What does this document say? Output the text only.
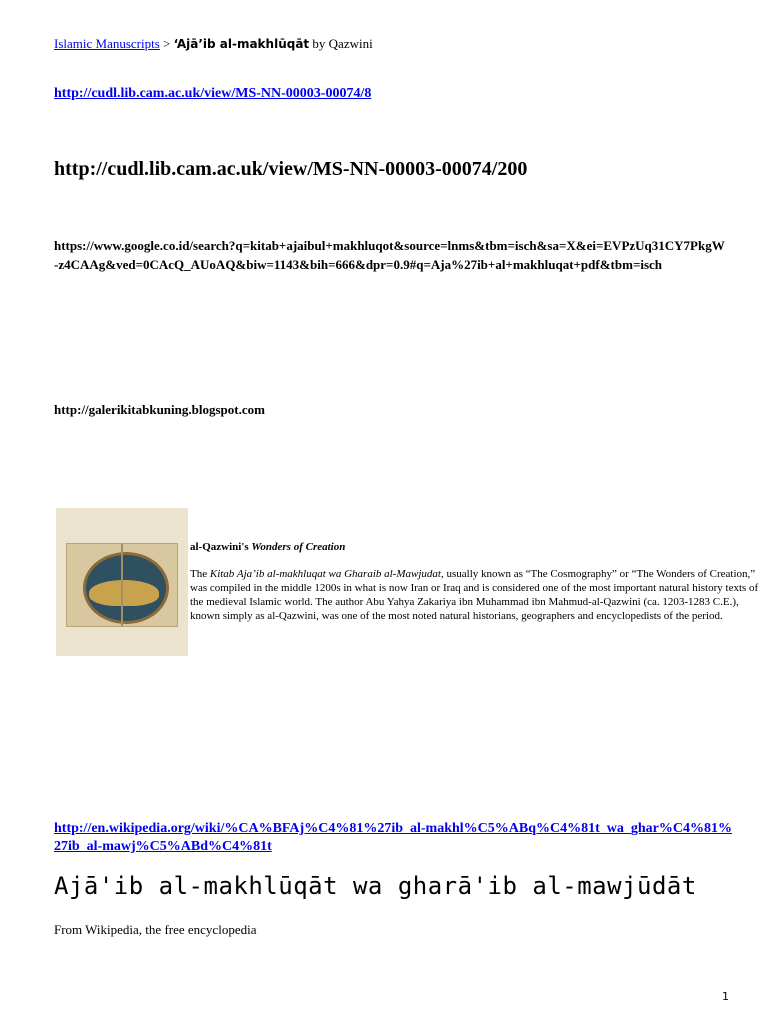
Islamic Manuscripts > ‘Ajā’ib al-makhlūqāt by Qazwini
http://cudl.lib.cam.ac.uk/view/MS-NN-00003-00074/8
http://cudl.lib.cam.ac.uk/view/MS-NN-00003-00074/200
https://www.google.co.id/search?q=kitab+ajaibul+makhluqot&source=lnms&tbm=isch&sa=X&ei=EVPzUq31CY7PkgW-z4CAAg&ved=0CAcQ_AUoAQ&biw=1143&bih=666&dpr=0.9#q=Aja%27ib+al+makhluqat+pdf&tbm=isch
http://galerikitabkuning.blogspot.com
al-Qazwini's Wonders of Creation
The Kitab Aja’ib al-makhluqat wa Gharaib al-Mawjudat, usually known as “The Cosmography” or “The Wonders of Creation,” was compiled in the middle 1200s in what is now Iran or Iraq and is considered one of the most important natural history texts of the medieval Islamic world. The author Abu Yahya Zakariya ibn Muhammad ibn Mahmud-al-Qazwini (ca. 1203-1283 C.E.), known simply as al-Qazwini, was one of the most noted natural historians, geographers and encyclopedists of the period.
http://en.wikipedia.org/wiki/%CA%BFAj%C4%81%27ib_al-makhl%C5%ABq%C4%81t_wa_ghar%C4%81%27ib_al-mawj%C5%ABd%C4%81t
Ajā'ib al-makhlūqāt wa gharā'ib al-mawjūdāt
From Wikipedia, the free encyclopedia
1
